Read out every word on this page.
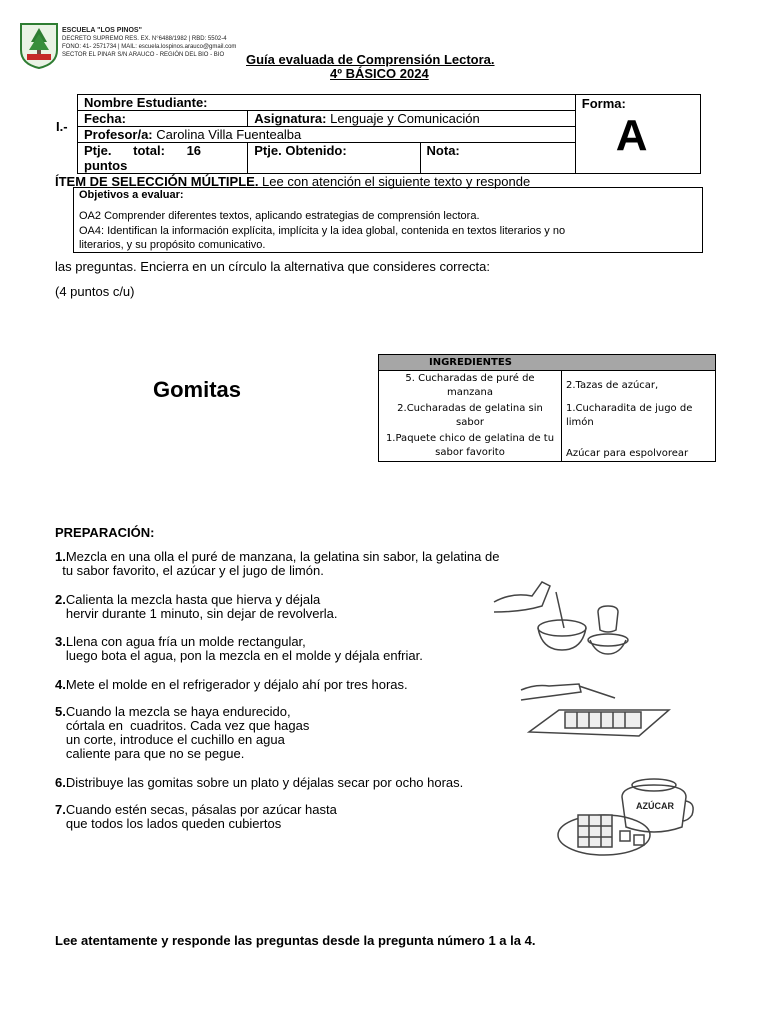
ESCUELA "LOS PINOS"
DECRETO SUPREMO RES. EX. N°6488/1982 | RBD: 5502-4
FONO: 41- 2571734 | MAIL: escuela.lospinos.arauco@gmail.com
SECTOR EL PINAR S/N ARAUCO - REGIÓN DEL BIO - BIO	Guía evaluada de Comprensión Lectora.
4º BÁSICO 2024
I.-
Nombre Estudiante:			Forma:
A

Fecha:	Asignatura: Lenguaje y Comunicación		
Profesor/a: Carolina Villa Fuentealba			
Ptje.      total:      16 puntos	Ptje. Obtenido:	Nota:	
ÍTEM DE SELECCIÓN MÚLTIPLE. Lee con atención el siguiente texto y responde
Objetivos a evaluar:
OA2 Comprender diferentes textos, aplicando estrategias de comprensión lectora.
OA4: Identifican la información explícita, implícita y la idea global, contenida en textos literarios y no
literarios, y su propósito comunicativo.
las preguntas. Encierra en un círculo la alternativa que consideres correcta:
(4 puntos c/u)
Gomitas
INGREDIENTES	
5. Cucharadas de puré de manzana	2.Tazas de azúcar,
2.Cucharadas de gelatina sin sabor	1.Cucharadita de jugo de limón
1.Paquete chico de gelatina de tu sabor favorito	Azúcar para espolvorear
PREPARACIÓN:
1.Mezcla en una olla el puré de manzana, la gelatina sin sabor, la gelatina de
tu sabor favorito, el azúcar y el jugo de limón.
2.Calienta la mezcla hasta que hierva y déjala
hervir durante 1 minuto, sin dejar de revolverla.
3.Llena con agua fría un molde rectangular,
luego bota el agua, pon la mezcla en el molde y déjala enfriar.
4.Mete el molde en el refrigerador y déjalo ahí por tres horas.
5.Cuando la mezcla se haya endurecido,
córtala en  cuadritos. Cada vez que hagas
un corte, introduce el cuchillo en agua
caliente para que no se pegue.
6.Distribuye las gomitas sobre un plato y déjalas secar por ocho horas.
7.Cuando estén secas, pásalas por azúcar hasta
que todos los lados queden cubiertos
AZÚCAR
Lee atentamente y responde las preguntas desde la pregunta número 1 a la 4.
